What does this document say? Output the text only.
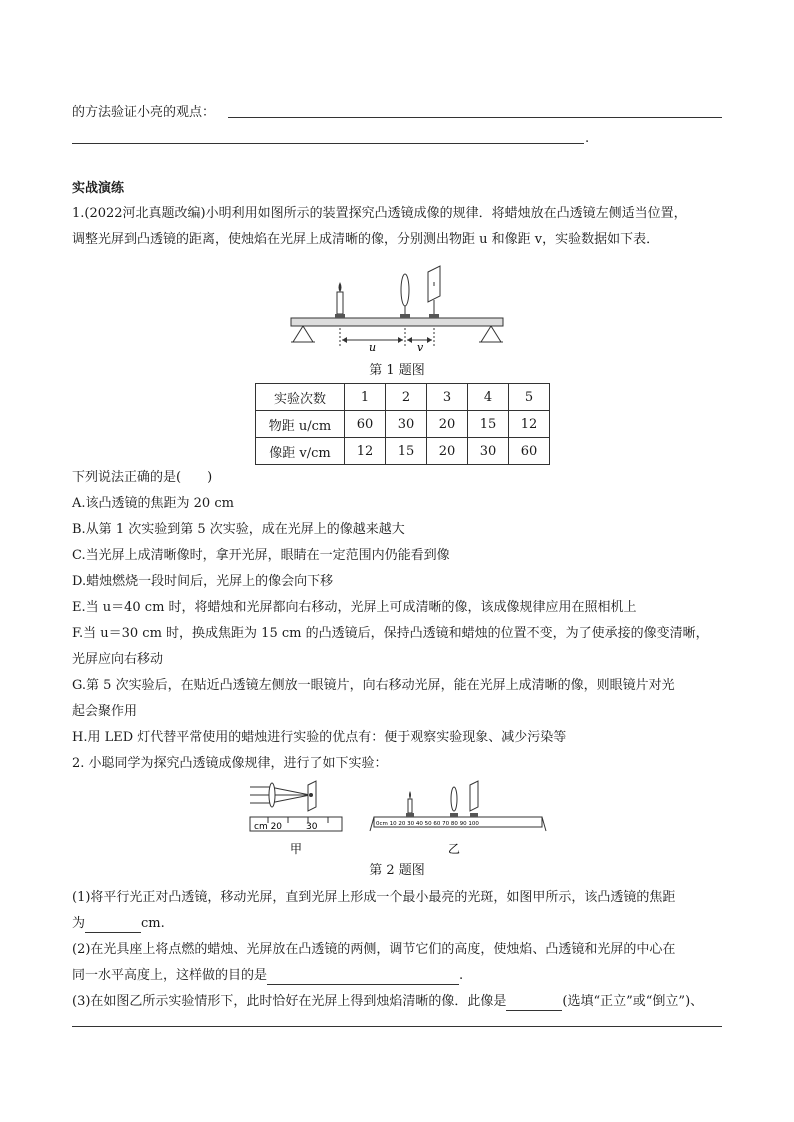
的方法验证小亮的观点：
.
实战演练
1.(2022河北真题改编)小明利用如图所示的装置探究凸透镜成像的规律．将蜡烛放在凸透镜左侧适当位置，
调整光屏到凸透镜的距离，使烛焰在光屏上成清晰的像，分别测出物距 u 和像距 v，实验数据如下表．
u	v
第 1 题图
实验次数	1	2	3	4	5
物距 u/cm	60	30	20	15	12
像距 v/cm	12	15	20	30	60
下列说法正确的是(　　)
A.该凸透镜的焦距为 20 cm
B.从第 1 次实验到第 5 次实验，成在光屏上的像越来越大
C.当光屏上成清晰像时，拿开光屏，眼睛在一定范围内仍能看到像
D.蜡烛燃烧一段时间后，光屏上的像会向下移
E.当 u＝40 cm 时，将蜡烛和光屏都向右移动，光屏上可成清晰的像，该成像规律应用在照相机上
F.当 u＝30 cm 时，换成焦距为 15 cm 的凸透镜后，保持凸透镜和蜡烛的位置不变，为了使承接的像变清晰，
光屏应向右移动
G.第 5 次实验后，在贴近凸透镜左侧放一眼镜片，向右移动光屏，能在光屏上成清晰的像，则眼镜片对光
起会聚作用
H.用 LED 灯代替平常使用的蜡烛进行实验的优点有：便于观察实验现象、减少污染等
2. 小聪同学为探究凸透镜成像规律，进行了如下实验：
cm 20	30
甲
0cm 10 20 30 40 50 60 70 80 90 100
乙
第 2 题图
(1)将平行光正对凸透镜，移动光屏，直到光屏上形成一个最小最亮的光斑，如图甲所示，该凸透镜的焦距
为	cm.
(2)在光具座上将点燃的蜡烛、光屏放在凸透镜的两侧，调节它们的高度，使烛焰、凸透镜和光屏的中心在
同一水平高度上，这样做的目的是	.
(3)在如图乙所示实验情形下，此时恰好在光屏上得到烛焰清晰的像．此像是	(选填“正立”或“倒立”)、
